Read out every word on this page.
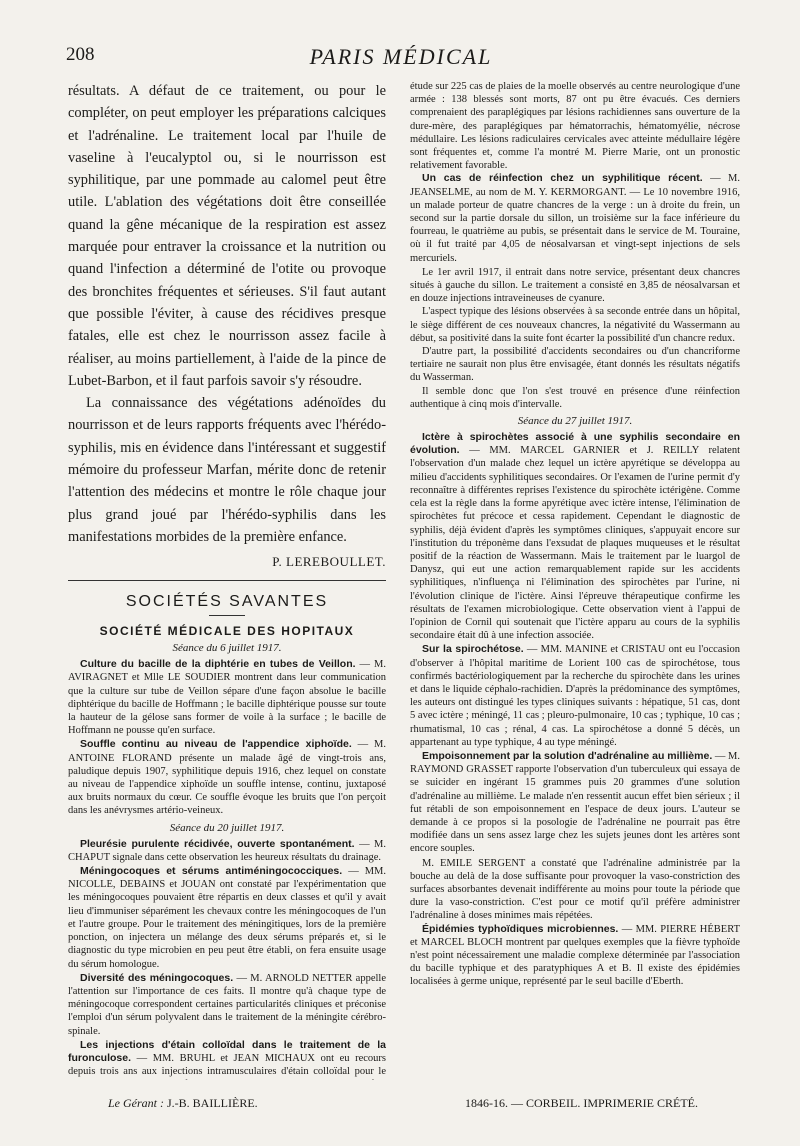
208	PARIS MÉDICAL

résultats. A défaut de ce traitement, ou pour le compléter, on peut employer les préparations calciques et l'adrénaline. Le traitement local par l'huile de vaseline à l'eucalyptol ou, si le nourrisson est syphilitique, par une pommade au calomel peut être utile. L'ablation des végétations doit être conseillée quand la gêne mécanique de la respiration est assez marquée pour entraver la croissance et la nutrition ou quand l'infection a déterminé de l'otite ou provoque des bronchites fréquentes et sérieuses. S'il faut autant que possible l'éviter, à cause des récidives presque fatales, elle est chez le nourrisson assez facile à réaliser, au moins partiellement, à l'aide de la pince de Lubet-Barbon, et il faut parfois savoir s'y résoudre.

La connaissance des végétations adénoïdes du nourrisson et de leurs rapports fréquents avec l'hérédo-syphilis, mis en évidence dans l'intéressant et suggestif mémoire du professeur Marfan, mérite donc de retenir l'attention des médecins et montre le rôle chaque jour plus grand joué par l'hérédo-syphilis dans les manifestations morbides de la première enfance.

P. LEREBOULLET.
SOCIÉTÉS SAVANTES
SOCIÉTÉ MÉDICALE DES HOPITAUX
Séance du 6 juillet 1917.

Culture du bacille de la diphtérie en tubes de Veillon. — M. AVIRAGNET et Mlle LE SOUDIER montrent dans leur communication que la culture sur tube de Veillon sépare d'une façon absolue le bacille diphtérique du bacille de Hoffmann ; le bacille diphtérique pousse sur toute la hauteur de la gélose sans former de voile à la surface ; le bacille de Hoffmann ne pousse qu'en surface.

Souffle continu au niveau de l'appendice xiphoïde. — M. ANTOINE FLORAND présente un malade âgé de vingt-trois ans, paludique depuis 1907, syphilitique depuis 1916, chez lequel on constate au niveau de l'appendice xiphoïde un souffle intense, continu, juxtaposé aux bruits normaux du cœur. Ce souffle évoque les bruits que l'on perçoit dans les anévrysmes artério-veineux.

Séance du 20 juillet 1917.

Pleurésie purulente récidivée, ouverte spontanément. — M. CHAPUT signale dans cette observation les heureux résultats du drainage.

Méningocoques et sérums antiméningococciques. — MM. NICOLLE, DEBAINS et JOUAN ont constaté par l'expérimentation que les méningocoques pouvaient être répartis en deux classes et qu'il y avait lieu d'immuniser séparément les chevaux contre les méningocoques de l'un et l'autre groupe. Pour le traitement des méningitiques, lors de la première ponction, on injectera un mélange des deux sérums préparés et, si le diagnostic du type microbien en peu peut être établi, on fera ensuite usage du sérum homologue.

Diversité des méningocoques. — M. ARNOLD NETTER appelle l'attention sur l'importance de ces faits. Il montre qu'à chaque type de méningocoque correspondent certaines particularités cliniques et préconise l'emploi d'un sérum polyvalent dans le traitement de la méningite cérébro-spinale.

Les injections d'étain colloïdal dans le traitement de la furonculose. — MM. BRUHL et JEAN MICHAUX ont eu recours depuis trois ans aux injections intramusculaires d'étain colloïdal pour le

étude sur 225 cas de plaies de la moelle observés au centre neurologique d'une armée : 138 blessés sont morts, 87 ont pu être évacués. Ces derniers comprenaient des paraplégiques par lésions rachidiennes sans ouverture de la dure-mère, des paraplégiques par hématorrachis, hématomyélie, nécrose médullaire. Les lésions radiculaires cervicales avec atteinte médullaire légère sont fréquentes et, comme l'a montré M. Pierre Marie, ont un pronostic relativement favorable.

Un cas de réinfection chez un syphilitique récent. — M. JEANSELME, au nom de M. Y. KERMORGANT. — Le 10 novembre 1916, un malade porteur de quatre chancres de la verge : un à droite du frein, un second sur la partie dorsale du sillon, un troisième sur la face inférieure du fourreau, le quatrième au pubis, se présentait dans le service de M. Touraine, où il fut traité par 4,05 de néosalvarsan et vingt-sept injections de sels mercuriels.

Le 1er avril 1917, il entrait dans notre service, présentant deux chancres situés à gauche du sillon. Le traitement a consisté en 3,85 de néosalvarsan et en douze injections intraveineuses de cyanure.

L'aspect typique des lésions observées à sa seconde entrée dans un hôpital, le siège différent de ces nouveaux chancres, la négativité du Wassermann au début, sa positivité dans la suite font écarter la possibilité d'un chancre redux.

D'autre part, la possibilité d'accidents secondaires ou d'un chancriforme tertiaire ne saurait non plus être envisagée, étant donnés les résultats négatifs du Wasserman.

Il semble donc que l'on s'est trouvé en présence d'une réinfection authentique à cinq mois d'intervalle.

Séance du 27 juillet 1917.

Ictère à spirochètes associé à une syphilis secondaire en évolution. — MM. MARCEL GARNIER et J. REILLY relatent l'observation d'un malade chez lequel un ictère apyrétique se développa au milieu d'accidents syphilitiques secondaires. Or l'examen de l'urine permit d'y reconnaître à différentes reprises l'existence du spirochète ictérigène. Comme cela est la règle dans la forme apyrétique avec ictère intense, l'élimination de spirochètes fut précoce et cessa rapidement. Cependant le diagnostic de syphilis, déjà évident d'après les symptômes cliniques, s'appuyait encore sur l'institution du tréponème dans l'exsudat de plaques muqueuses et le résultat positif de la réaction de Wassermann. Mais le traitement par le luargol de Danysz, qui eut une action remarquablement rapide sur les accidents syphilitiques, n'influença ni l'élimination des spirochètes par l'urine, ni l'évolution clinique de l'ictère. Ainsi l'épreuve thérapeutique confirme les résultats de l'examen microbiologique. Cette observation vient à l'appui de l'opinion de Cornil qui soutenait que l'ictère apparu au cours de la syphilis secondaire était dû à une infection associée.

Sur la spirochétose. — MM. MANINE et CRISTAU ont eu l'occasion d'observer à l'hôpital maritime de Lorient 100 cas de spirochétose, tous confirmés bactériologiquement par la recherche du spirochète dans les urines et dans le liquide céphalo-rachidien. D'après la prédominance des symptômes, les auteurs ont distingué les types cliniques suivants : hépatique, 51 cas, dont 5 avec ictère ; méningé, 11 cas ; pleuro-pulmonaire, 10 cas ; typhique, 10 cas ; rhumatismal, 10 cas ; rénal, 4 cas. La spirochétose a donné 5 décès, un appartenant au type typhique, 4 au type méningé.

Empoisonnement par la solution d'adrénaline au millième. — M. RAYMOND GRASSET rapporte l'observation d'un tuberculeux qui essaya de se suicider en ingérant 15 grammes puis 20 grammes d'une solution d'adrénaline au millième. Le malade n'en ressentit aucun effet bien sérieux ; il fut rétabli de son empoisonnement en l'espace de deux jours. L'auteur se demande à ce propos si la posologie de l'adrénaline ne pourrait pas être modifiée dans un sens assez large chez les sujets jeunes dont les artères sont encore souples.

M. EMILE SERGENT a constaté que l'adrénaline administrée par la bouche au delà de la dose suffisante pour provoquer la vaso-constriction des surfaces absorbantes devenait indifférente au moins pour toute la période que dure la vaso-constriction. C'est pour ce motif qu'il préfère administrer l'adrénaline à doses minimes mais répétées.

Épidémies typhoïdiques microbiennes. — MM. PIERRE HÉBERT et MARCEL BLOCH montrent par quelques exemples que la fièvre typhoïde n'est point nécessairement une maladie complexe déterminée par l'association du bacille typhique et des paratyphiques A et B. Il existe des épidémies localisées à germe unique, représenté par le seul bacille d'Eberth.

Le Gérant : J.-B. BAILLIÈRE.	1846-16. — CORBEIL. IMPRIMERIE CRÉTÉ.
